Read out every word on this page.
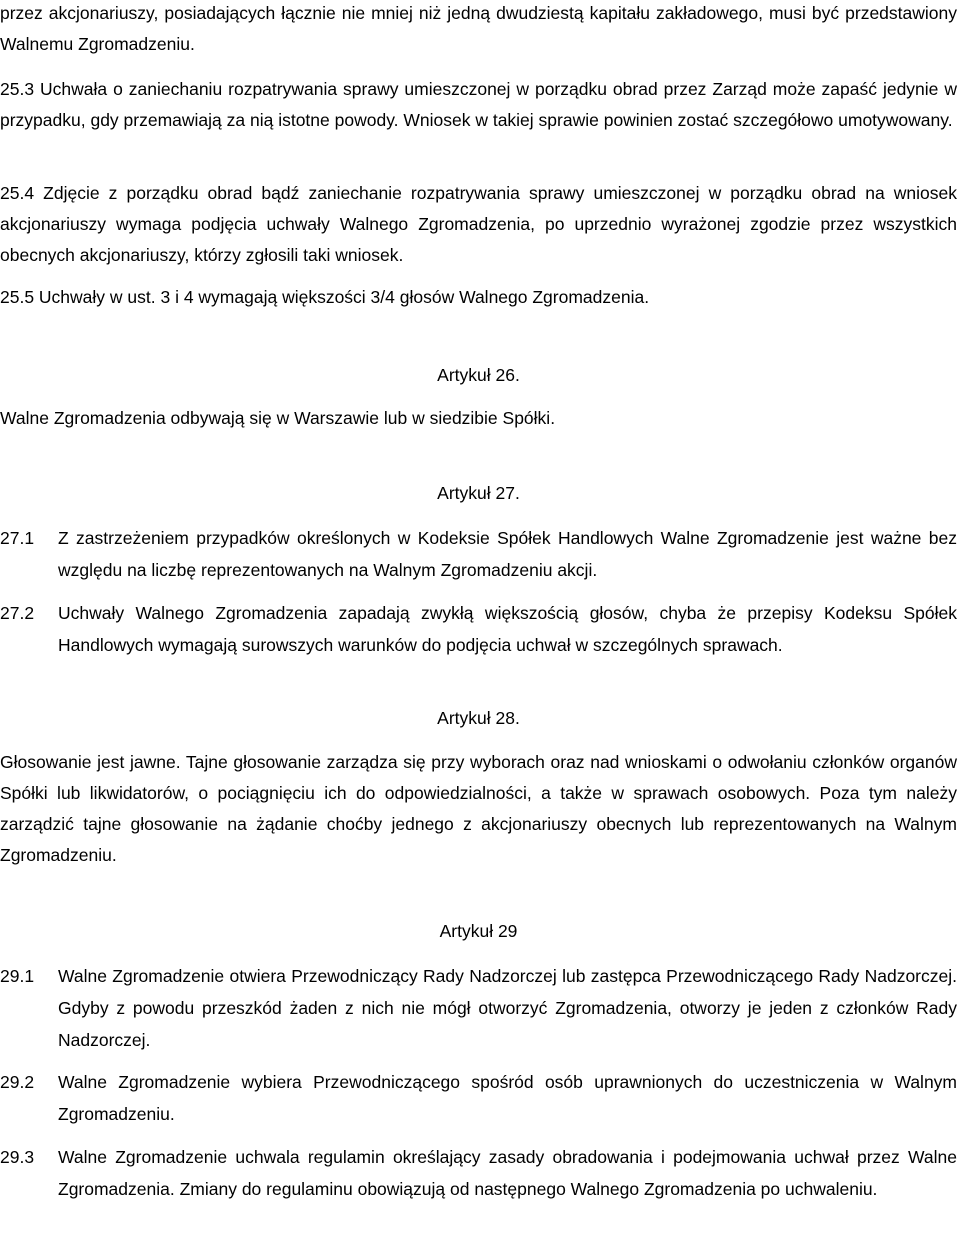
przez akcjonariuszy, posiadających łącznie nie mniej niż jedną dwudziestą kapitału zakładowego, musi być przedstawiony Walnemu Zgromadzeniu.

25.3 Uchwała o zaniechaniu rozpatrywania sprawy umieszczonej w porządku obrad przez Zarząd może zapaść jedynie w przypadku, gdy przemawiają za nią istotne powody. Wniosek w takiej sprawie powinien zostać szczegółowo umotywowany.

25.4 Zdjęcie z porządku obrad bądź zaniechanie rozpatrywania sprawy umieszczonej w porządku obrad na wniosek akcjonariuszy wymaga podjęcia uchwały Walnego Zgromadzenia, po uprzednio wyrażonej zgodzie przez wszystkich obecnych akcjonariuszy, którzy zgłosili taki wniosek.

25.5 Uchwały w ust. 3 i 4 wymagają większości 3/4 głosów Walnego Zgromadzenia.

Artykuł 26.

Walne Zgromadzenia odbywają się w Warszawie lub w siedzibie Spółki.

Artykuł 27.

27.1	Z zastrzeżeniem przypadków określonych w Kodeksie Spółek Handlowych Walne Zgromadzenie jest ważne bez względu na liczbę reprezentowanych na Walnym Zgromadzeniu akcji.
27.2	Uchwały Walnego Zgromadzenia zapadają zwykłą większością głosów, chyba że przepisy Kodeksu Spółek Handlowych wymagają surowszych warunków do podjęcia uchwał w szczególnych sprawach.

Artykuł 28.

Głosowanie jest jawne. Tajne głosowanie zarządza się przy wyborach oraz nad wnioskami o odwołaniu członków organów Spółki lub likwidatorów, o pociągnięciu ich do odpowiedzialności, a także w sprawach osobowych. Poza tym należy zarządzić tajne głosowanie na żądanie choćby jednego z akcjonariuszy obecnych lub reprezentowanych na Walnym Zgromadzeniu.

Artykuł 29

29.1	Walne Zgromadzenie otwiera Przewodniczący Rady Nadzorczej lub zastępca Przewodniczącego Rady Nadzorczej. Gdyby z powodu przeszkód żaden z nich nie mógł otworzyć Zgromadzenia, otworzy je jeden z członków Rady Nadzorczej.
29.2	Walne Zgromadzenie wybiera Przewodniczącego spośród osób uprawnionych do uczestniczenia w Walnym Zgromadzeniu.
29.3	Walne Zgromadzenie uchwala regulamin określający zasady obradowania i podejmowania uchwał przez Walne Zgromadzenia. Zmiany do regulaminu obowiązują od następnego Walnego Zgromadzenia po uchwaleniu.
